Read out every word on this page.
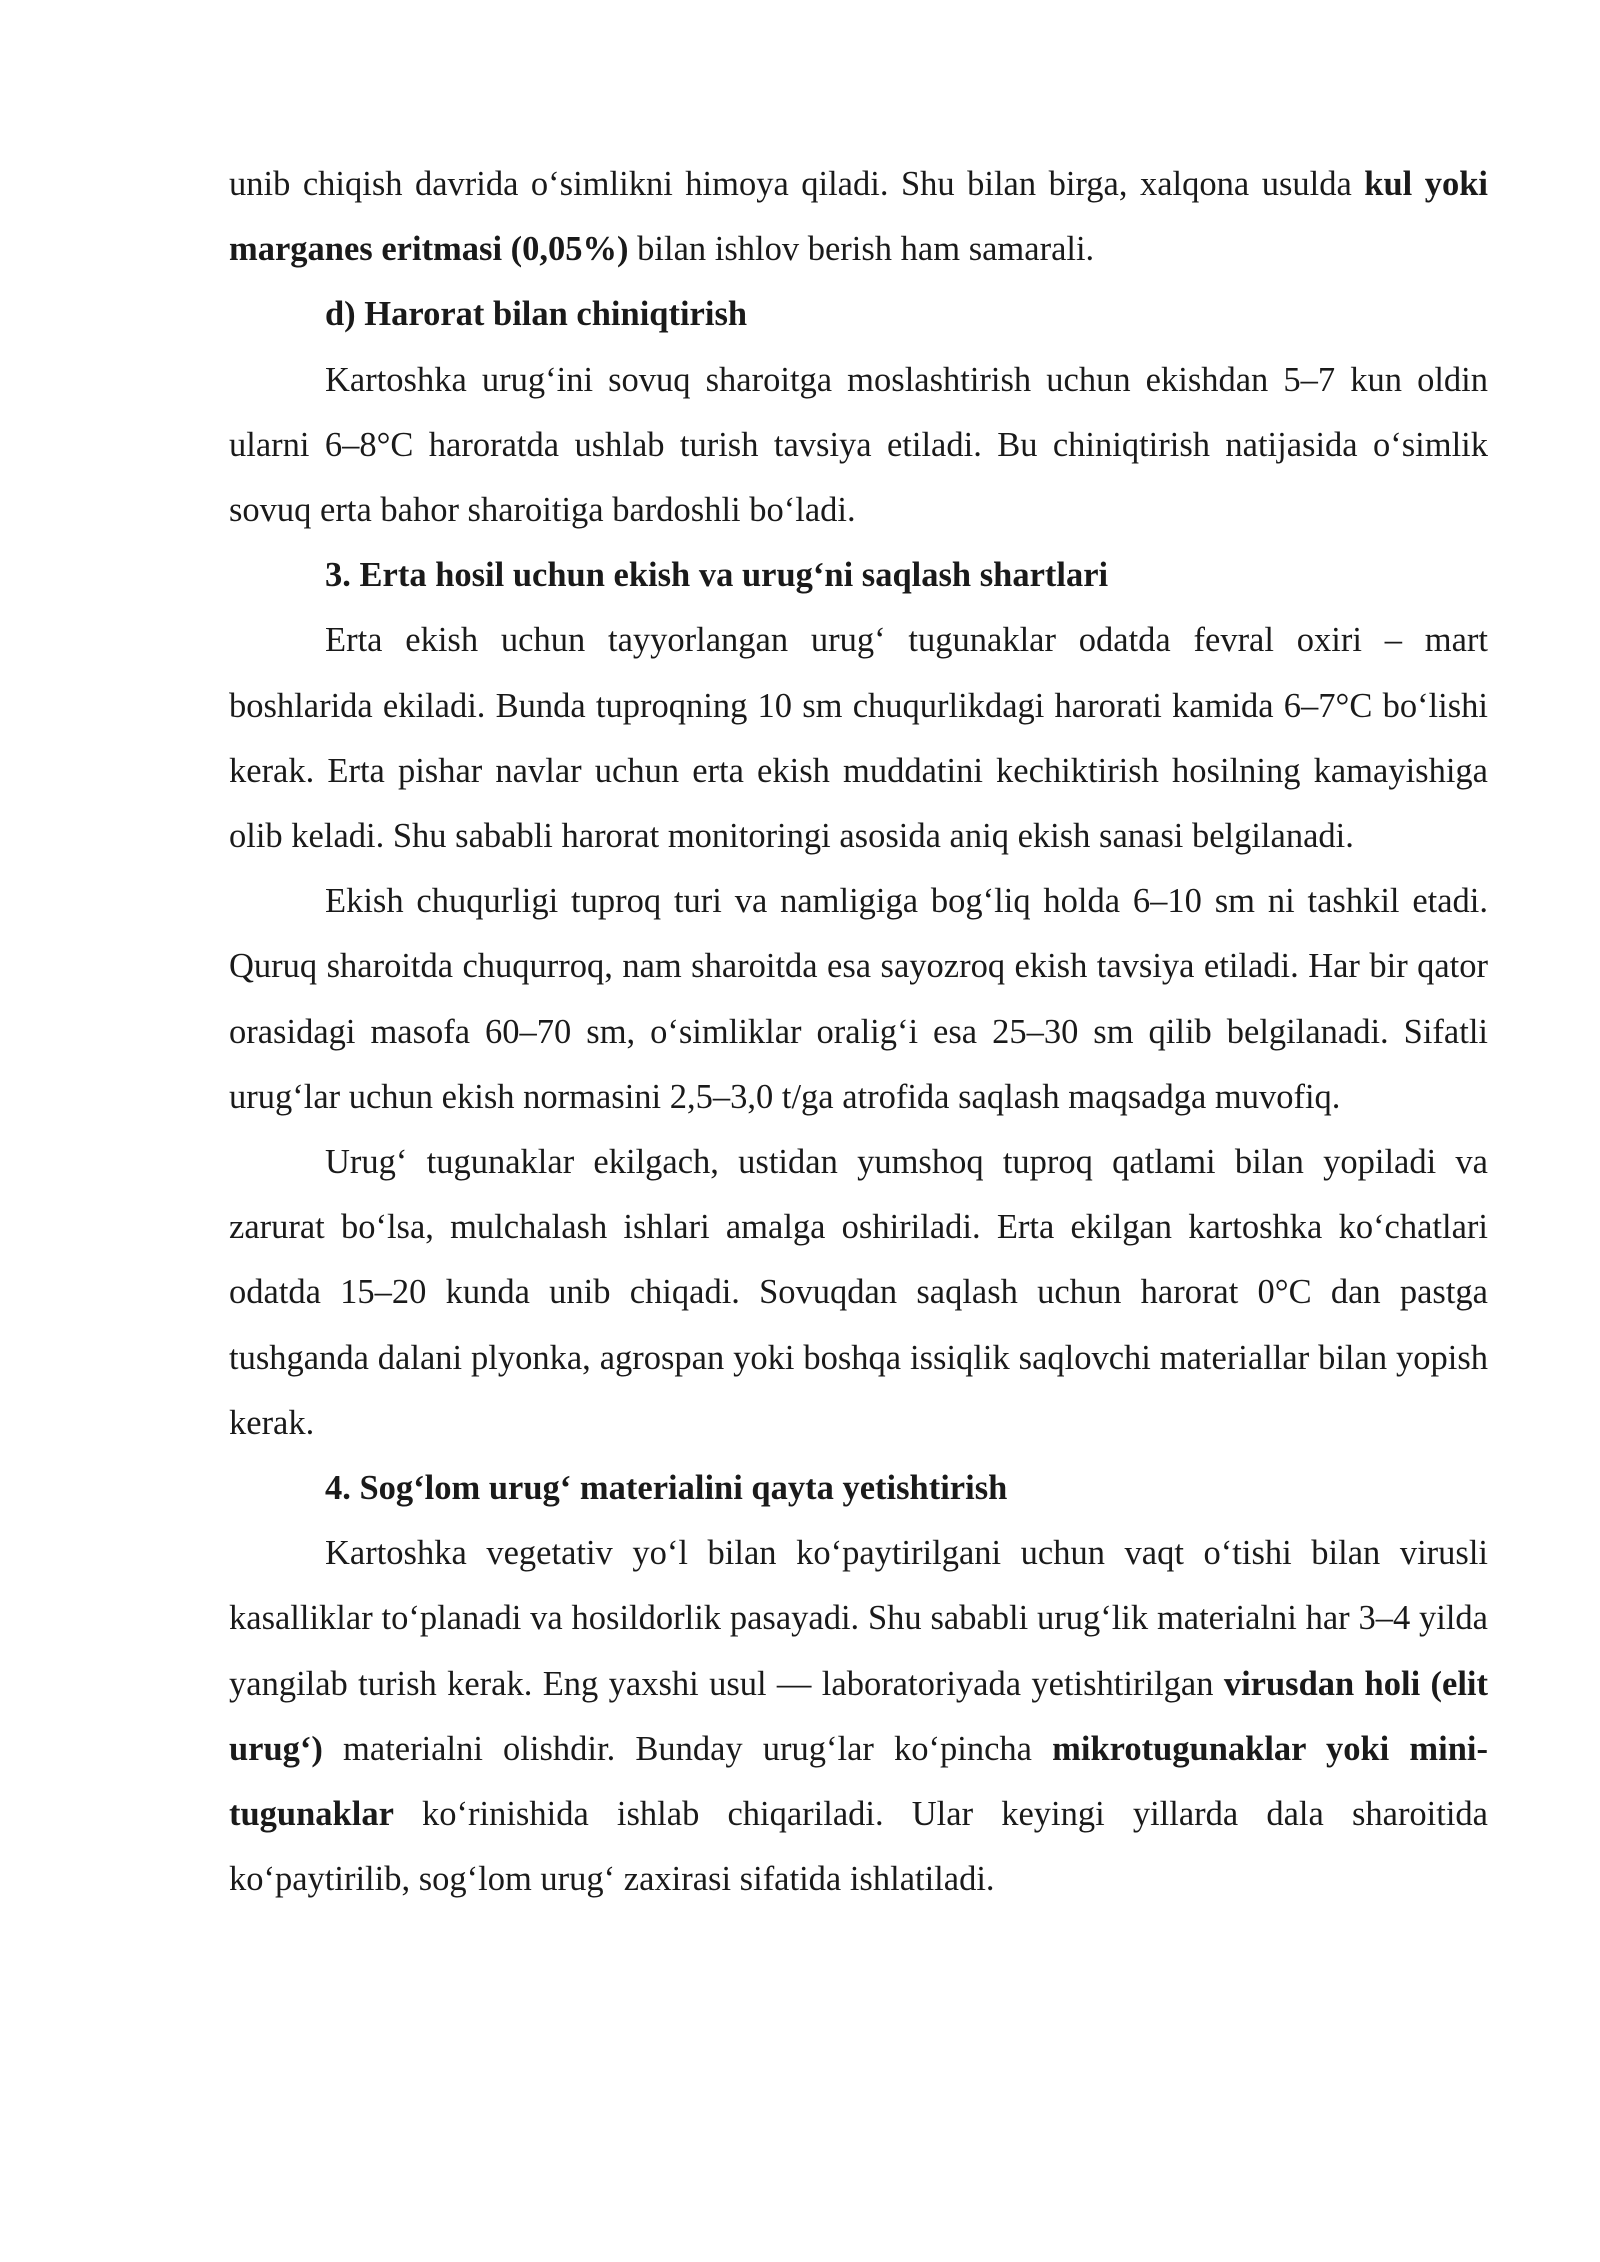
unib chiqish davrida o‘simlikni himoya qiladi. Shu bilan birga, xalqona usulda kul yoki marganes eritmasi (0,05%) bilan ishlov berish ham samarali.

d) Harorat bilan chiniqtirish

Kartoshka urug‘ini sovuq sharoitga moslashtirish uchun ekishdan 5–7 kun oldin ularni 6–8°C haroratda ushlab turish tavsiya etiladi. Bu chiniqtirish natijasida o‘simlik sovuq erta bahor sharoitiga bardoshli bo‘ladi.

3. Erta hosil uchun ekish va urug‘ni saqlash shartlari

Erta ekish uchun tayyorlangan urug‘ tugunaklar odatda fevral oxiri – mart boshlarida ekiladi. Bunda tuproqning 10 sm chuqurlikdagi harorati kamida 6–7°C bo‘lishi kerak. Erta pishar navlar uchun erta ekish muddatini kechiktirish hosilning kamayishiga olib keladi. Shu sababli harorat monitoringi asosida aniq ekish sanasi belgilanadi.

Ekish chuqurligi tuproq turi va namligiga bog‘liq holda 6–10 sm ni tashkil etadi. Quruq sharoitda chuqurroq, nam sharoitda esa sayozroq ekish tavsiya etiladi. Har bir qator orasidagi masofa 60–70 sm, o‘simliklar oralig‘i esa 25–30 sm qilib belgilanadi. Sifatli urug‘lar uchun ekish normasini 2,5–3,0 t/ga atrofida saqlash maqsadga muvofiq.

Urug‘ tugunaklar ekilgach, ustidan yumshoq tuproq qatlami bilan yopiladi va zarurat bo‘lsa, mulchalash ishlari amalga oshiriladi. Erta ekilgan kartoshka ko‘chatlari odatda 15–20 kunda unib chiqadi. Sovuqdan saqlash uchun harorat 0°C dan pastga tushganda dalani plyonka, agrospan yoki boshqa issiqlik saqlovchi materiallar bilan yopish kerak.

4. Sog‘lom urug‘ materialini qayta yetishtirish

Kartoshka vegetativ yo‘l bilan ko‘paytirilgani uchun vaqt o‘tishi bilan virusli kasalliklar to‘planadi va hosildorlik pasayadi. Shu sababli urug‘lik materialni har 3–4 yilda yangilab turish kerak. Eng yaxshi usul — laboratoriyada yetishtirilgan virusdan holi (elit urug‘) materialni olishdir. Bunday urug‘lar ko‘pincha mikrotugunaklar yoki mini-tugunaklar ko‘rinishida ishlab chiqariladi. Ular keyingi yillarda dala sharoitida ko‘paytirilib, sog‘lom urug‘ zaxirasi sifatida ishlatiladi.
